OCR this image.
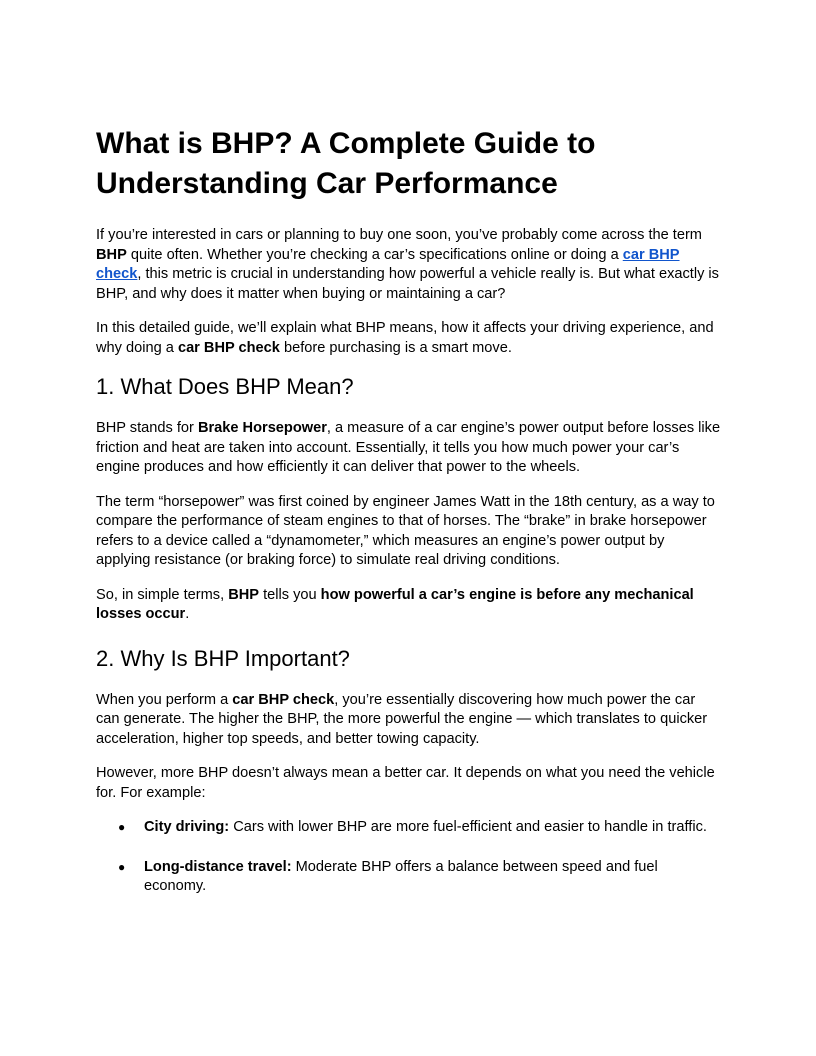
What is BHP? A Complete Guide to Understanding Car Performance

If you’re interested in cars or planning to buy one soon, you’ve probably come across the term BHP quite often. Whether you’re checking a car’s specifications online or doing a car BHP check, this metric is crucial in understanding how powerful a vehicle really is. But what exactly is BHP, and why does it matter when buying or maintaining a car?

In this detailed guide, we’ll explain what BHP means, how it affects your driving experience, and why doing a car BHP check before purchasing is a smart move.

1. What Does BHP Mean?

BHP stands for Brake Horsepower, a measure of a car engine’s power output before losses like friction and heat are taken into account. Essentially, it tells you how much power your car’s engine produces and how efficiently it can deliver that power to the wheels.

The term “horsepower” was first coined by engineer James Watt in the 18th century, as a way to compare the performance of steam engines to that of horses. The “brake” in brake horsepower refers to a device called a “dynamometer,” which measures an engine’s power output by applying resistance (or braking force) to simulate real driving conditions.

So, in simple terms, BHP tells you how powerful a car’s engine is before any mechanical losses occur.

2. Why Is BHP Important?

When you perform a car BHP check, you’re essentially discovering how much power the car can generate. The higher the BHP, the more powerful the engine — which translates to quicker acceleration, higher top speeds, and better towing capacity.

However, more BHP doesn’t always mean a better car. It depends on what you need the vehicle for. For example:

● City driving: Cars with lower BHP are more fuel-efficient and easier to handle in traffic.
● Long-distance travel: Moderate BHP offers a balance between speed and fuel economy.
